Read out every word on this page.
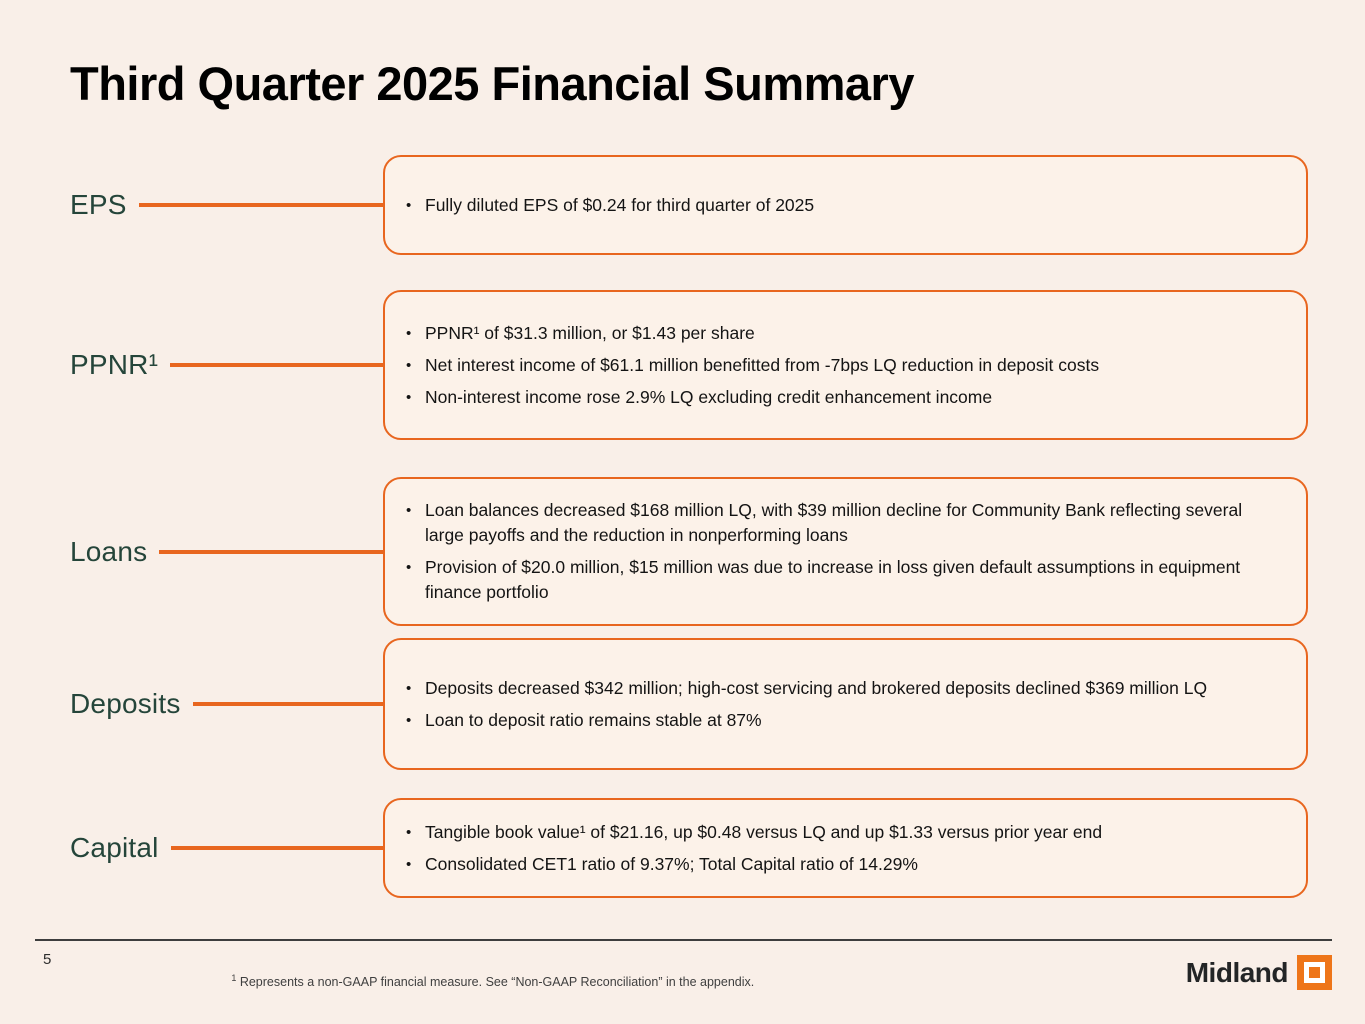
Third Quarter 2025 Financial Summary
EPS	• Fully diluted EPS of $0.24 for third quarter of 2025
PPNR¹
• PPNR¹ of $31.3 million, or $1.43 per share
• Net interest income of $61.1 million benefitted from -7bps LQ reduction in deposit costs
• Non-interest income rose 2.9% LQ excluding credit enhancement income
Loans
• Loan balances decreased $168 million LQ, with $39 million decline for Community Bank reflecting several large payoffs and the reduction in nonperforming loans
• Provision of $20.0 million, $15 million was due to increase in loss given default assumptions in equipment finance portfolio
Deposits
• Deposits decreased $342 million; high-cost servicing and brokered deposits declined $369 million LQ
• Loan to deposit ratio remains stable at 87%
Capital
• Tangible book value¹ of $21.16, up $0.48 versus LQ and up $1.33 versus prior year end
• Consolidated CET1 ratio of 9.37%; Total Capital ratio of 14.29%
5
$^1$ Represents a non-GAAP financial measure. See “Non-GAAP Reconciliation” in the appendix.	Midland
